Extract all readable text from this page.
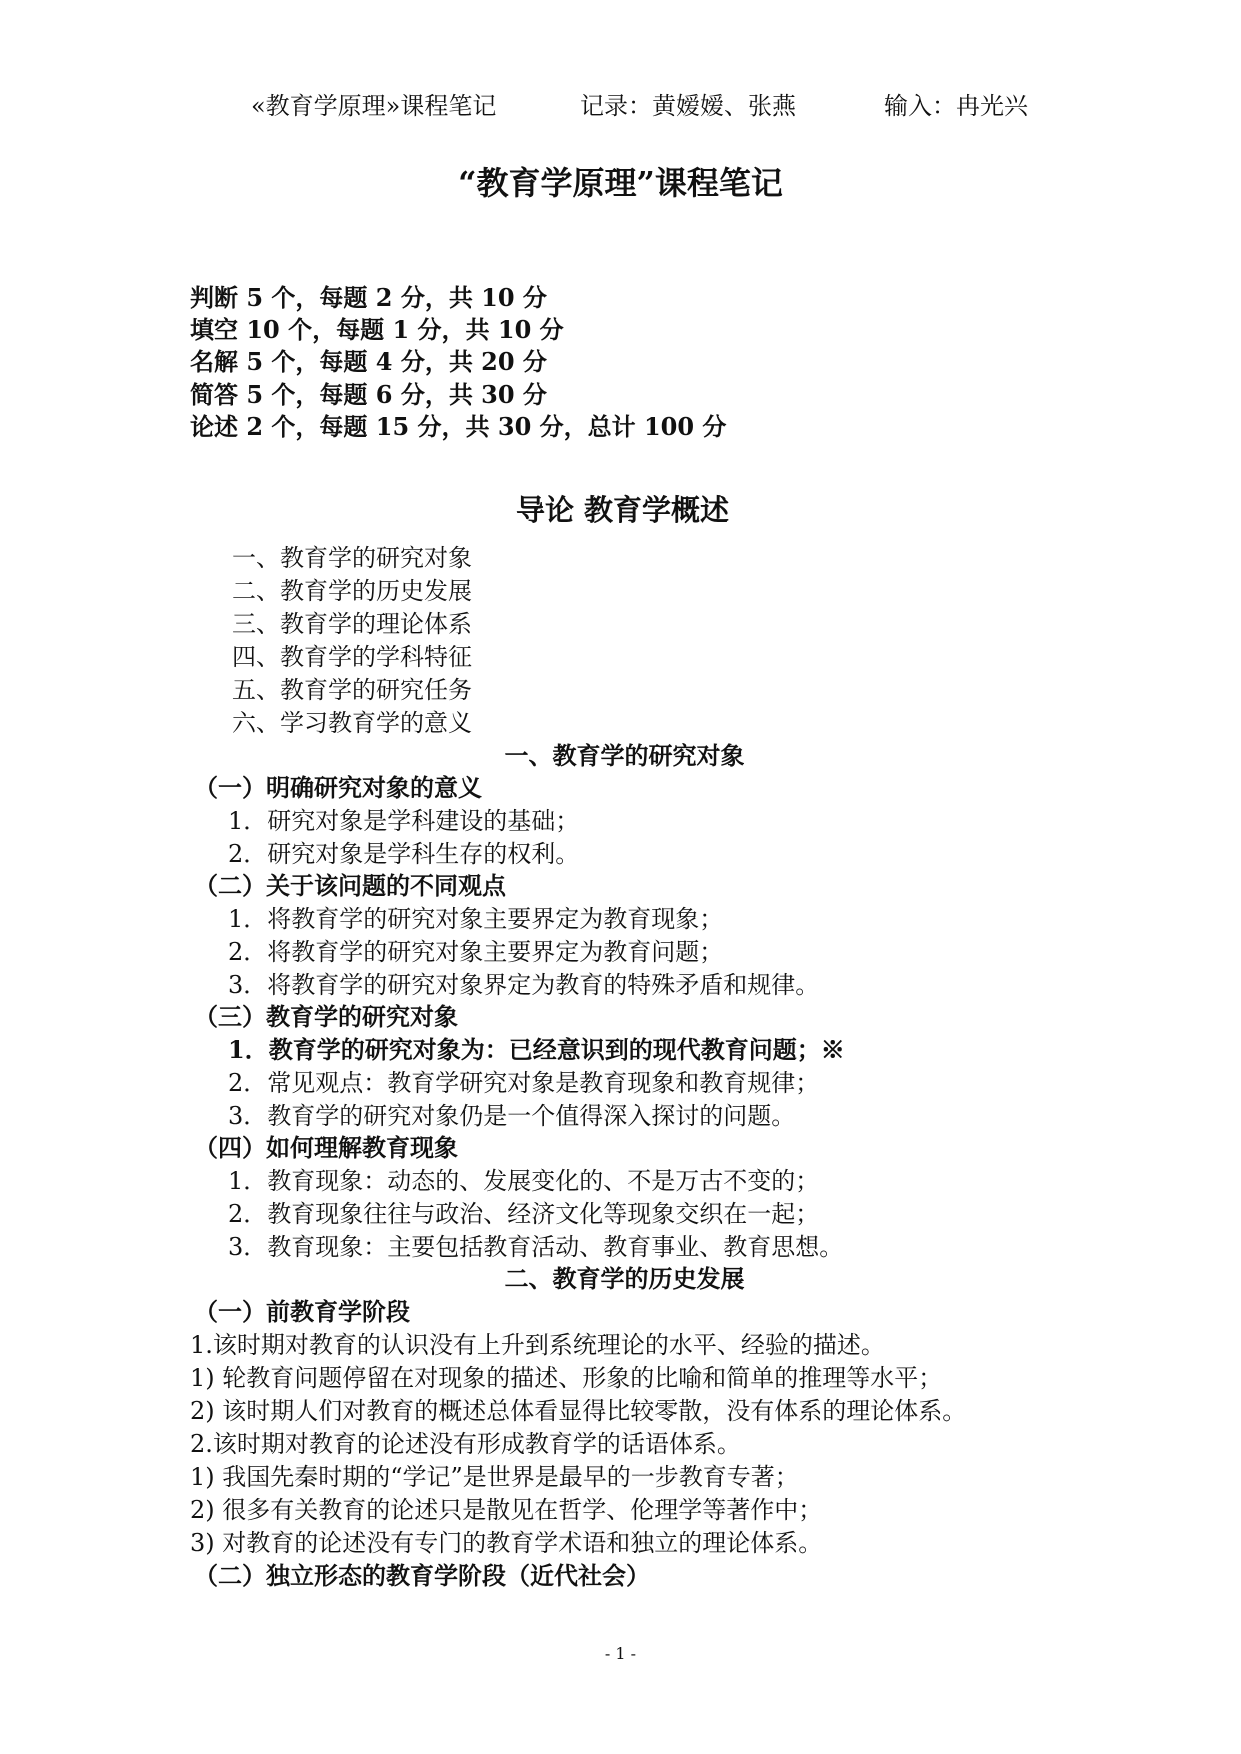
«教育学原理»课程笔记	记录：黄嫒嫒、张燕	输入：冉光兴
“教育学原理”课程笔记
判断 5 个，每题 2 分，共 10 分
填空 10 个，每题 1 分，共 10 分
名解 5 个，每题 4 分，共 20 分
简答 5 个，每题 6 分，共 30 分
论述 2 个，每题 15 分，共 30 分，总计 100 分
导论 教育学概述
一、教育学的研究对象
二、教育学的历史发展
三、教育学的理论体系
四、教育学的学科特征
五、教育学的研究任务
六、学习教育学的意义
一、教育学的研究对象
（一）明确研究对象的意义
1．研究对象是学科建设的基础；
2．研究对象是学科生存的权利。
（二）关于该问题的不同观点
1．将教育学的研究对象主要界定为教育现象；
2．将教育学的研究对象主要界定为教育问题；
3．将教育学的研究对象界定为教育的特殊矛盾和规律。
（三）教育学的研究对象
1．教育学的研究对象为：已经意识到的现代教育问题；※
2．常见观点：教育学研究对象是教育现象和教育规律；
3．教育学的研究对象仍是一个值得深入探讨的问题。
（四）如何理解教育现象
1．教育现象：动态的、发展变化的、不是万古不变的；
2．教育现象往往与政治、经济文化等现象交织在一起；
3．教育现象：主要包括教育活动、教育事业、教育思想。
二、教育学的历史发展
（一）前教育学阶段
1.该时期对教育的认识没有上升到系统理论的水平、经验的描述。
1) 轮教育问题停留在对现象的描述、形象的比喻和简单的推理等水平；
2) 该时期人们对教育的概述总体看显得比较零散，没有体系的理论体系。
2.该时期对教育的论述没有形成教育学的话语体系。
1) 我国先秦时期的“学记”是世界是最早的一步教育专著；
2) 很多有关教育的论述只是散见在哲学、伦理学等著作中；
3) 对教育的论述没有专门的教育学术语和独立的理论体系。
（二）独立形态的教育学阶段（近代社会）
- 1 -
